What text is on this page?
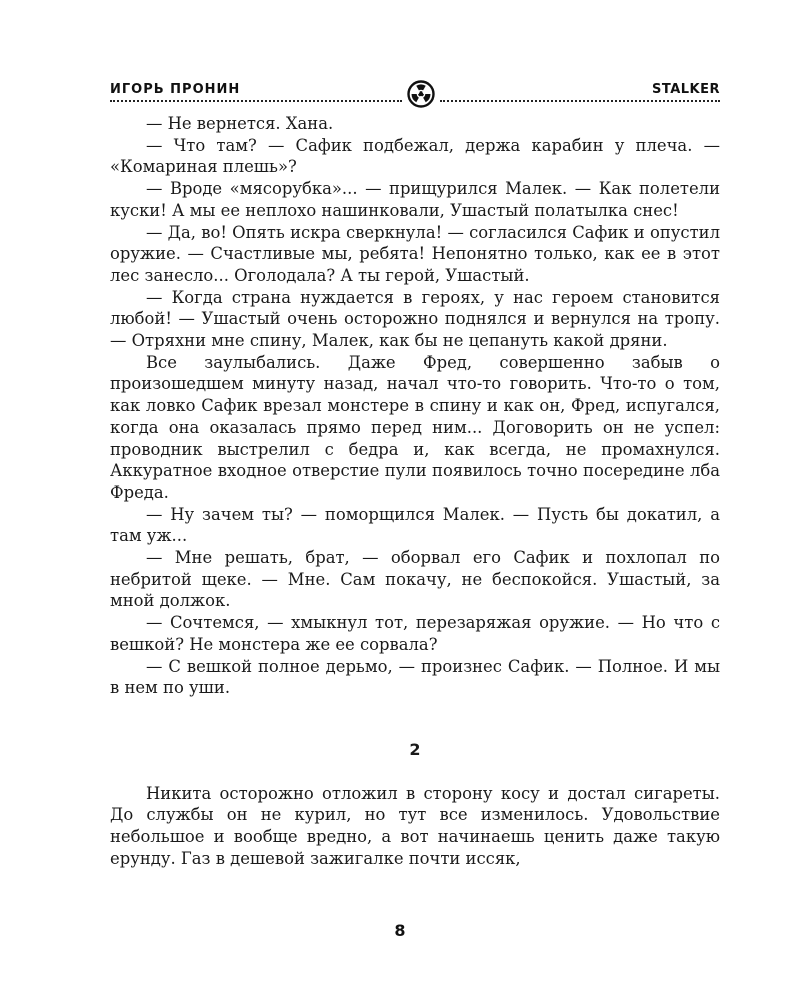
ИГОРЬ ПРОНИН	STALKER

— Не вернется. Хана.

— Что там? — Сафик подбежал, держа карабин у плеча. — «Комариная плешь»?

— Вроде «мясорубка»... — прищурился Малек. — Как полетели куски! А мы ее неплохо нашинковали, Ушастый полатылка снес!

— Да, во! Опять искра сверкнула! — согласился Сафик и опустил оружие. — Счастливые мы, ребята! Непонятно только, как ее в этот лес занесло... Оголодала? А ты герой, Ушастый.

— Когда страна нуждается в героях, у нас героем становится любой! — Ушастый очень осторожно поднялся и вернулся на тропу. — Отряхни мне спину, Малек, как бы не цепануть какой дряни.

Все заулыбались. Даже Фред, совершенно забыв о произошедшем минуту назад, начал что-то говорить. Что-то о том, как ловко Сафик врезал монстере в спину и как он, Фред, испугался, когда она оказалась прямо перед ним... Договорить он не успел: проводник выстрелил с бедра и, как всегда, не промахнулся. Аккуратное входное отверстие пули появилось точно посередине лба Фреда.

— Ну зачем ты? — поморщился Малек. — Пусть бы докатил, а там уж...

— Мне решать, брат, — оборвал его Сафик и похлопал по небритой щеке. — Мне. Сам покачу, не беспокойся. Ушастый, за мной должок.

— Сочтемся, — хмыкнул тот, перезаряжая оружие. — Но что с вешкой? Не монстера же ее сорвала?

— С вешкой полное дерьмо, — произнес Сафик. — Полное. И мы в нем по уши.

2

Никита осторожно отложил в сторону косу и достал сигареты. До службы он не курил, но тут все изменилось. Удовольствие небольшое и вообще вредно, а вот начинаешь ценить даже такую ерунду. Газ в дешевой зажигалке почти иссяк,

8
